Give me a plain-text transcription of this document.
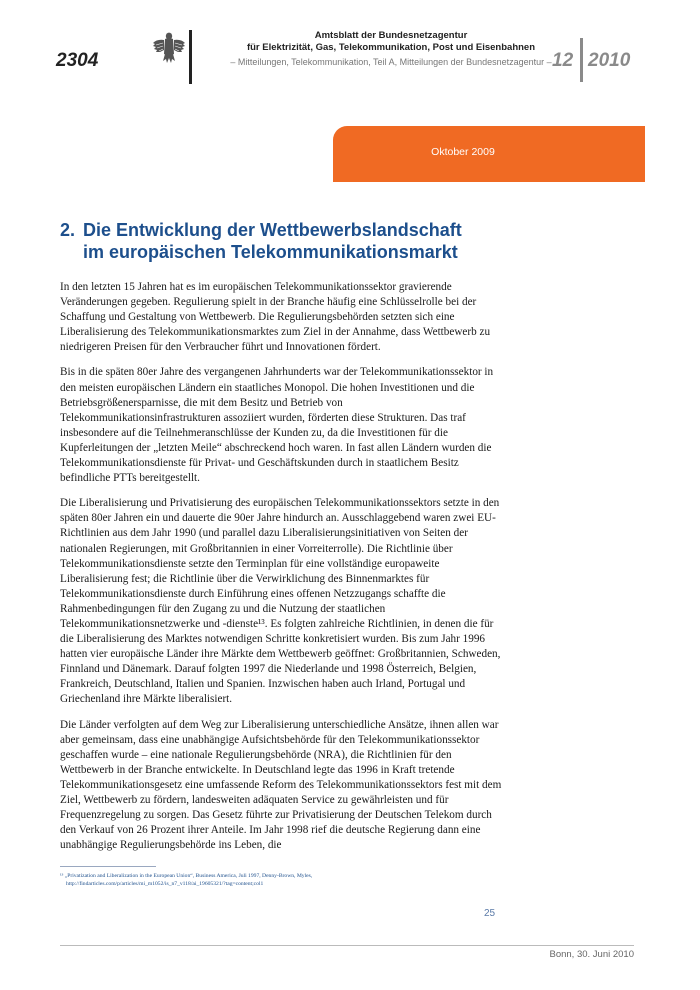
2304
Amtsblatt der Bundesnetzagentur
für Elektrizität, Gas, Telekommunikation, Post und Eisenbahnen
– Mitteilungen, Telekommunikation, Teil A, Mitteilungen der Bundesnetzagentur – 12 2010
Oktober 2009
2. Die Entwicklung der Wettbewerbslandschaft
im europäischen Telekommunikationsmarkt

In den letzten 15 Jahren hat es im europäischen Telekommunikationssektor gravierende Veränderungen gegeben. Regulierung spielt in der Branche häufig eine Schlüsselrolle bei der Schaffung und Gestaltung von Wettbewerb. Die Regulierungsbehörden setzten sich eine Liberalisierung des Telekommunikationsmarktes zum Ziel in der Annahme, dass Wettbewerb zu niedrigeren Preisen für den Verbraucher führt und Innovationen fördert.

Bis in die späten 80er Jahre des vergangenen Jahrhunderts war der Telekommunikationssektor in den meisten europäischen Ländern ein staatliches Monopol. Die hohen Investitionen und die Betriebsgrößenersparnisse, die mit dem Besitz und Betrieb von Telekommunikationsinfrastrukturen assoziiert wurden, förderten diese Strukturen. Das traf insbesondere auf die Teilnehmeranschlüsse der Kunden zu, da die Investitionen für die Kupferleitungen der „letzten Meile“ abschreckend hoch waren. In fast allen Ländern wurden die Telekommunikationsdienste für Privat- und Geschäftskunden durch in staatlichem Besitz befindliche PTTs bereitgestellt.

Die Liberalisierung und Privatisierung des europäischen Telekommunikationssektors setzte in den späten 80er Jahren ein und dauerte die 90er Jahre hindurch an. Ausschlaggebend waren zwei EU-Richtlinien aus dem Jahr 1990 (und parallel dazu Liberalisierungsinitiativen von Seiten der nationalen Regierungen, mit Großbritannien in einer Vorreiterrolle). Die Richtlinie über Telekommunikationsdienste setzte den Terminplan für eine vollständige europaweite Liberalisierung fest; die Richtlinie über die Verwirklichung des Binnenmarktes für Telekommunikationsdienste durch Einführung eines offenen Netzzugangs schaffte die Rahmenbedingungen für den Zugang zu und die Nutzung der staatlichen Telekommunikationsnetzwerke und -dienste¹³. Es folgten zahlreiche Richtlinien, in denen die für die Liberalisierung des Marktes notwendigen Schritte konkretisiert wurden. Bis zum Jahr 1996 hatten vier europäische Länder ihre Märkte dem Wettbewerb geöffnet: Großbritannien, Schweden, Finnland und Dänemark. Darauf folgten 1997 die Niederlande und 1998 Österreich, Belgien, Frankreich, Deutschland, Italien und Spanien. Inzwischen haben auch Irland, Portugal und Griechenland ihre Märkte liberalisiert.

Die Länder verfolgten auf dem Weg zur Liberalisierung unterschiedliche Ansätze, ihnen allen war aber gemeinsam, dass eine unabhängige Aufsichtsbehörde für den Telekommunikationssektor geschaffen wurde – eine nationale Regulierungsbehörde (NRA), die Richtlinien für den Wettbewerb in der Branche entwickelte. In Deutschland legte das 1996 in Kraft tretende Telekommunikationsgesetz eine umfassende Reform des Telekommunikationssektors fest mit dem Ziel, Wettbewerb zu fördern, landesweiten adäquaten Service zu gewährleisten und für Frequenzregelung zu sorgen. Das Gesetz führte zur Privatisierung der Deutschen Telekom durch den Verkauf von 26 Prozent ihrer Anteile. Im Jahr 1998 rief die deutsche Regierung dann eine unabhängige Regulierungsbehörde ins Leben, die

¹³ „Privatization and Liberalization in the European Union“, Business America, Juli 1997, Denny-Brown, Myles,
http://findarticles.com/p/articles/mi_m1052/is_n7_v118/ai_19605321/?tag=content;col1
25
Bonn, 30. Juni 2010
